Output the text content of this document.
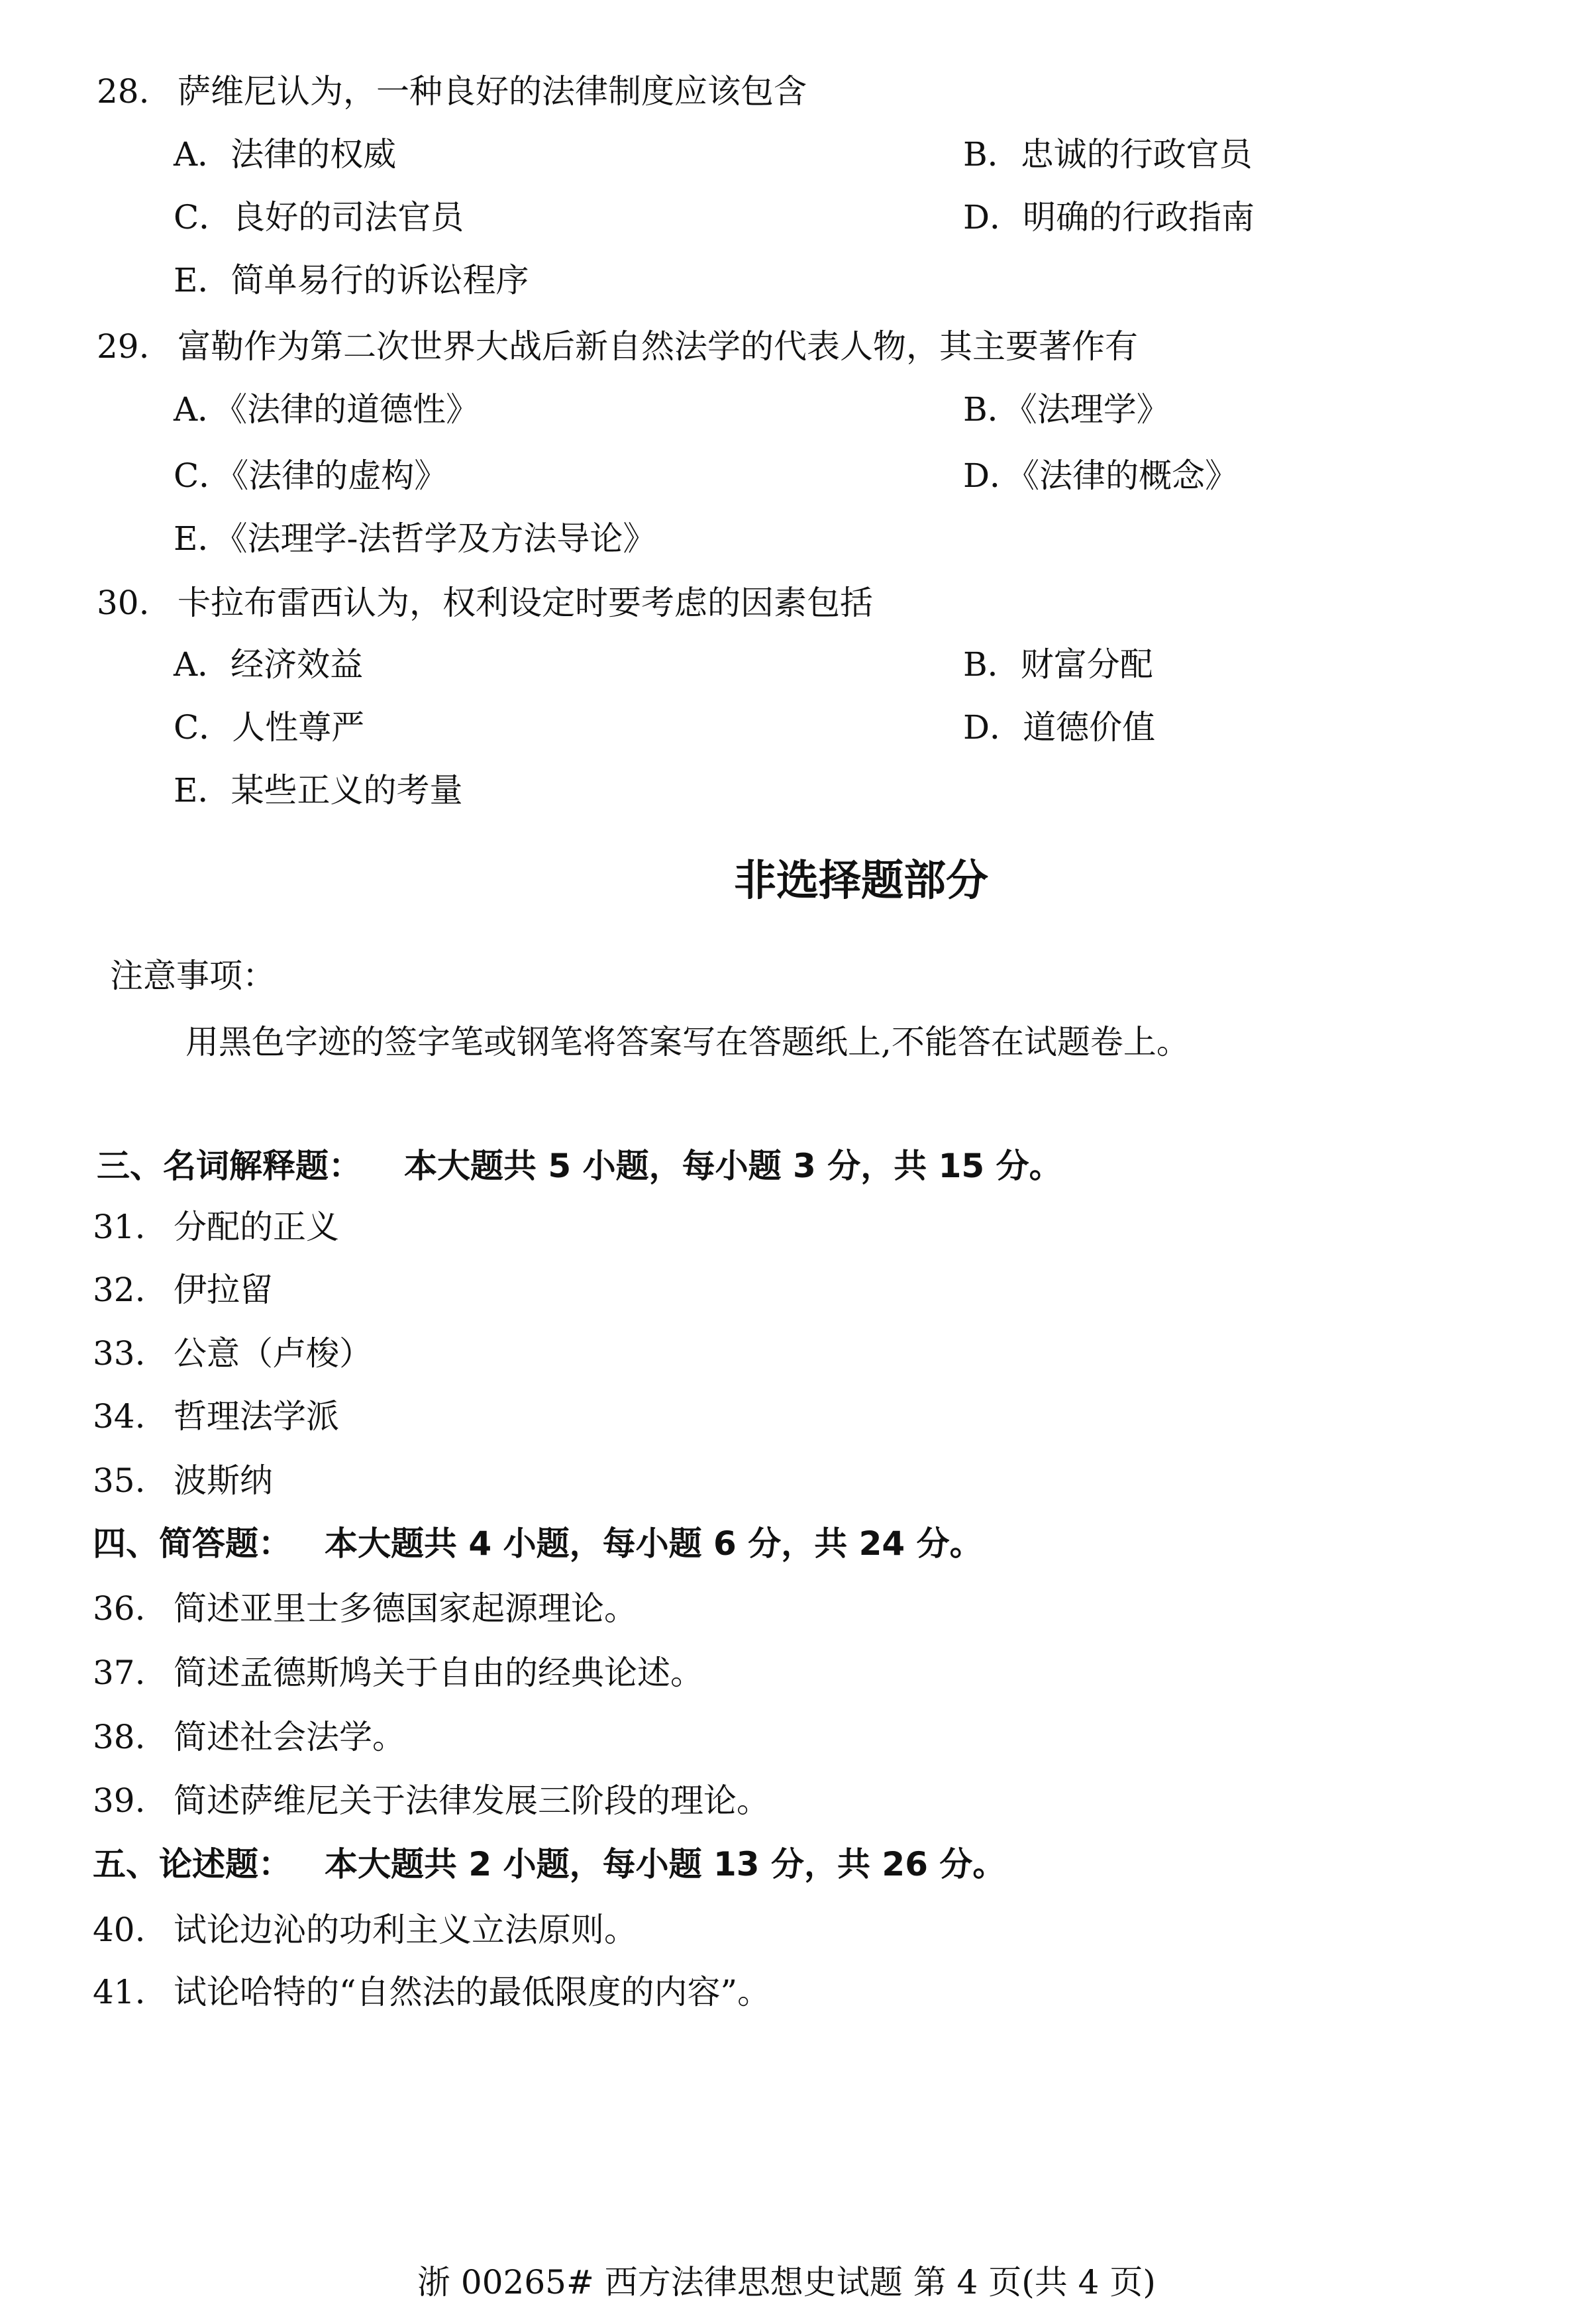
28. 萨维尼认为，一种良好的法律制度应该包含
A．法律的权威	B．忠诚的行政官员
C．良好的司法官员	D．明确的行政指南
E．简单易行的诉讼程序
29. 富勒作为第二次世界大战后新自然法学的代表人物，其主要著作有
A．《法律的道德性》	B．《法理学》
C．《法律的虚构》	D．《法律的概念》
E．《法理学-法哲学及方法导论》
30. 卡拉布雷西认为，权利设定时要考虑的因素包括
A．经济效益	B．财富分配
C．人性尊严	D．道德价值
E．某些正义的考量
非选择题部分
注意事项：
用黑色字迹的签字笔或钢笔将答案写在答题纸上,不能答在试题卷上。
三、名词解释题： 本大题共 5 小题，每小题 3 分，共 15 分。
31. 分配的正义
32. 伊拉留
33. 公意（卢梭）
34. 哲理法学派
35. 波斯纳
四、简答题： 本大题共 4 小题，每小题 6 分，共 24 分。
36. 简述亚里士多德国家起源理论。
37. 简述孟德斯鸠关于自由的经典论述。
38. 简述社会法学。
39. 简述萨维尼关于法律发展三阶段的理论。
五、论述题： 本大题共 2 小题，每小题 13 分，共 26 分。
40. 试论边沁的功利主义立法原则。
41. 试论哈特的“自然法的最低限度的内容”。
浙 00265# 西方法律思想史试题 第 4 页(共 4 页)
